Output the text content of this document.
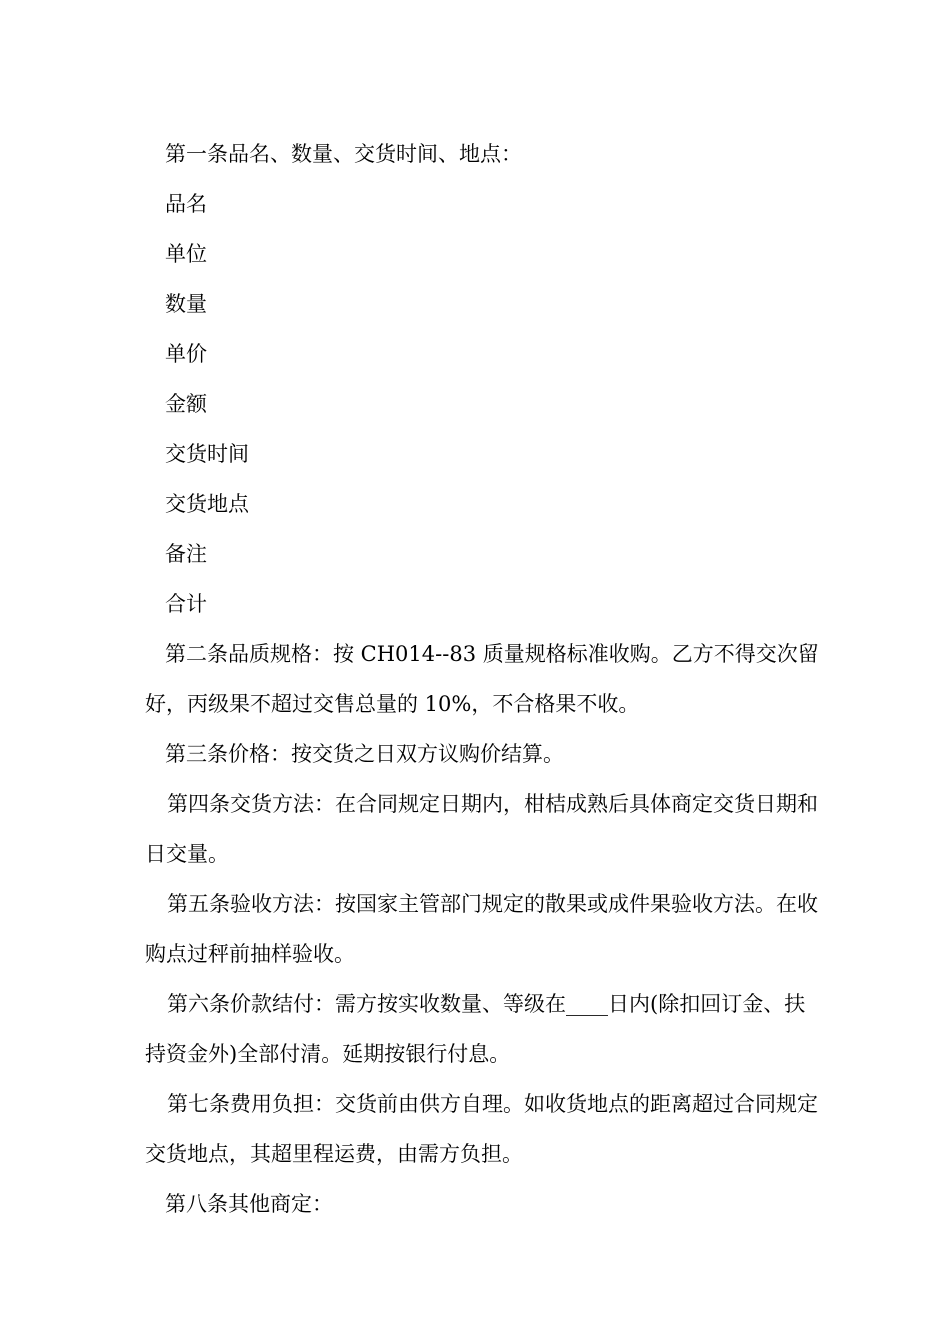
第一条品名、数量、交货时间、地点：

品名

单位

数量

单价

金额

交货时间

交货地点

备注

合计

第二条品质规格：按 CH014--83 质量规格标准收购。乙方不得交次留好，丙级果不超过交售总量的 10%，不合格果不收。

第三条价格：按交货之日双方议购价结算。

第四条交货方法：在合同规定日期内，柑桔成熟后具体商定交货日期和日交量。

第五条验收方法：按国家主管部门规定的散果或成件果验收方法。在收购点过秤前抽样验收。

第六条价款结付：需方按实收数量、等级在____日内(除扣回订金、扶持资金外)全部付清。延期按银行付息。

第七条费用负担：交货前由供方自理。如收货地点的距离超过合同规定交货地点，其超里程运费，由需方负担。

第八条其他商定：
